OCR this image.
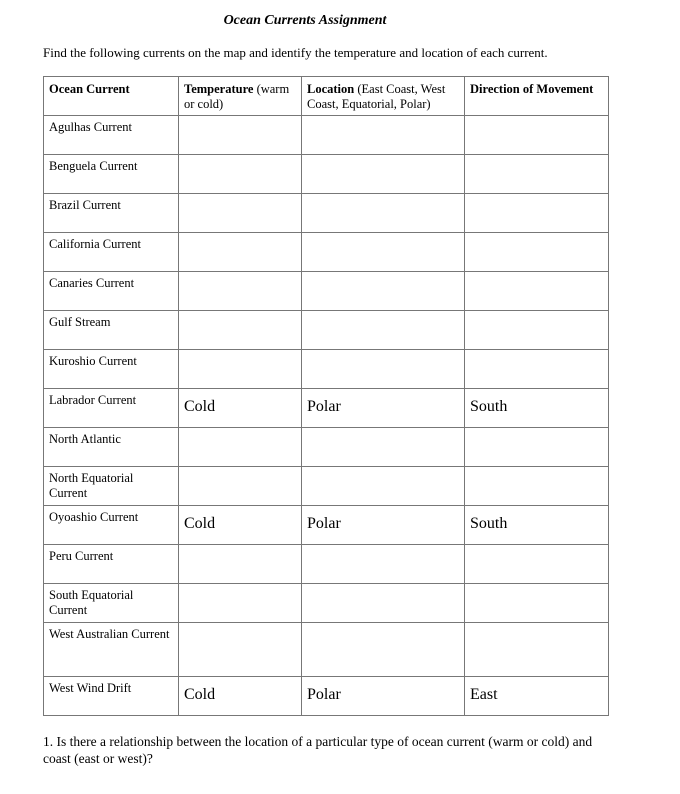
Ocean Currents Assignment
Find the following currents on the map and identify the temperature and location of each current.
Ocean Current	Temperature (warm or cold)	Location (East Coast, West Coast, Equatorial, Polar)	Direction of Movement
Agulhas Current	

Benguela Current	

Brazil Current	

California Current	

Canaries Current	

Gulf Stream	

Kuroshio Current	

Labrador Current	Cold	Polar	South

North Atlantic	

North Equatorial Current	

Oyoashio Current	Cold	Polar	South

Peru Current	

South Equatorial Current	

West Australian Current	

West Wind Drift	Cold	Polar	East
1. Is there a relationship between the location of a particular type of ocean current (warm or cold) and coast (east or west)?
